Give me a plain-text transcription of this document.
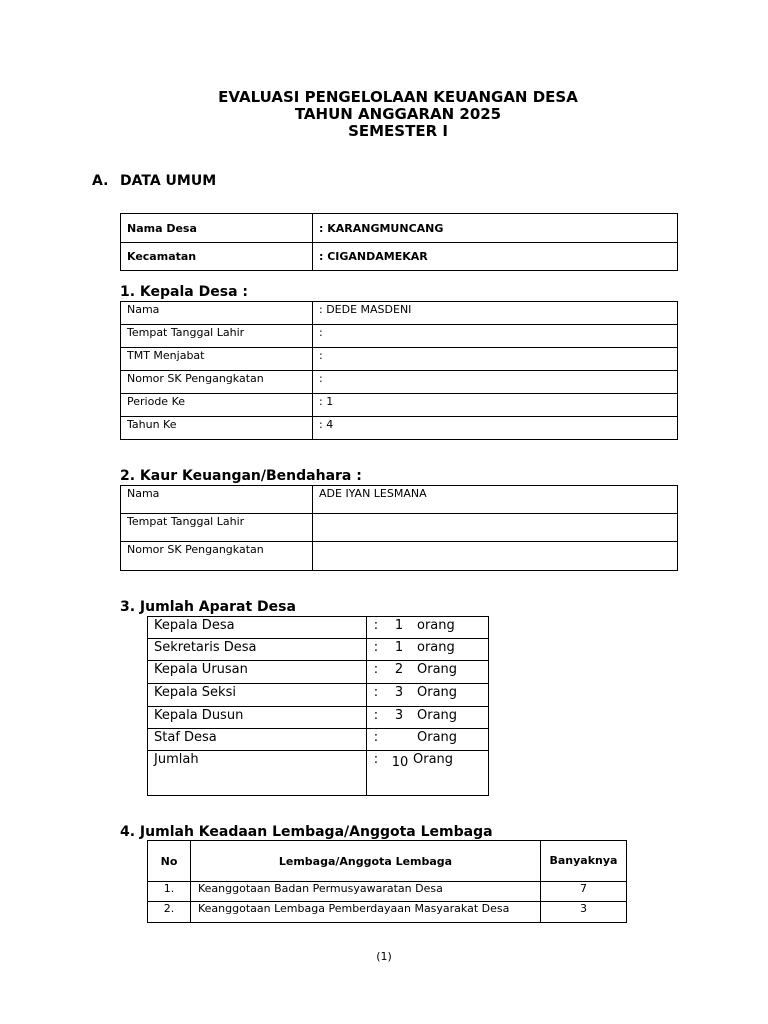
EVALUASI PENGELOLAAN KEUANGAN DESA
TAHUN ANGGARAN 2025
SEMESTER I
A. DATA UMUM
Nama Desa	: KARANGMUNCANG
Kecamatan	: CIGANDAMEKAR
1. Kepala Desa :
Nama	: DEDE MASDENI
Tempat Tanggal Lahir	:
TMT Menjabat	:
Nomor SK Pengangkatan	:
Periode Ke	: 1
Tahun Ke	: 4
2. Kaur Keuangan/Bendahara :
Nama	ADE IYAN LESMANA
Tempat Tanggal Lahir	
Nomor SK Pengangkatan	
3. Jumlah Aparat Desa
Kepala Desa	: 1 orang

Sekretaris Desa	: 1 orang

Kepala Urusan	: 2 Orang

Kepala Seksi	: 3 Orang

Kepala Dusun	: 3 Orang

Staf Desa	: Orang

Jumlah	: 10 Orang
4. Jumlah Keadaan Lembaga/Anggota Lembaga
No	Lembaga/Anggota Lembaga	Banyaknya
1.	Keanggotaan Badan Permusyawaratan Desa	7
2.	Keanggotaan Lembaga Pemberdayaan Masyarakat Desa	3
(1)
